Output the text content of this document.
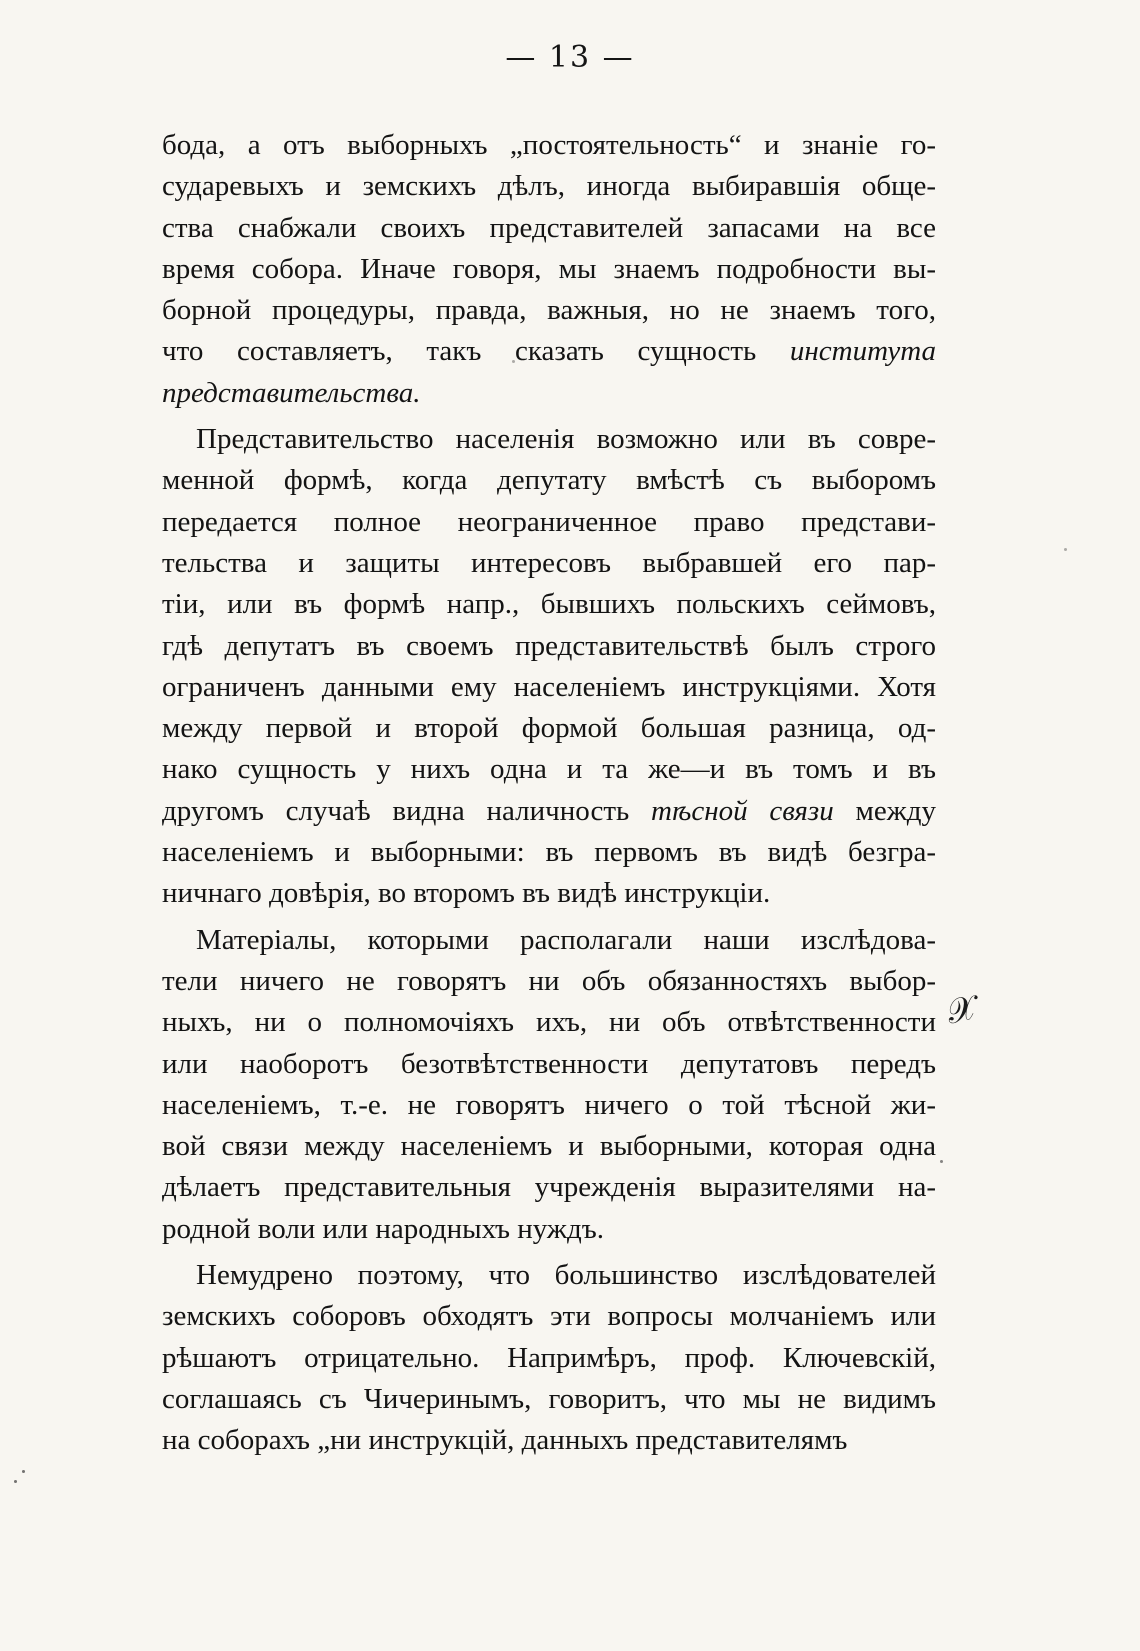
— 13 —
бода, а отъ выборныхъ „постоятельность“ и знаніе го-
сударевыхъ и земскихъ дѣлъ, иногда выбиравшія обще-
ства снабжали своихъ представителей запасами на все
время собора. Иначе говоря, мы знаемъ подробности вы-
борной процедуры, правда, важныя, но не знаемъ того,
что составляетъ, такъ сказать сущность института
представительства.
Представительство населенія возможно или въ совре-
менной формѣ, когда депутату вмѣстѣ съ выборомъ
передается полное неограниченное право представи-
тельства и защиты интересовъ выбравшей его пар-
тіи, или въ формѣ напр., бывшихъ польскихъ сеймовъ,
гдѣ депутатъ въ своемъ представительствѣ былъ строго
ограниченъ данными ему населеніемъ инструкціями. Хотя
между первой и второй формой большая разница, од-
нако сущность у нихъ одна и та же—и въ томъ и въ
другомъ случаѣ видна наличность тѣсной связи между
населеніемъ и выборными: въ первомъ въ видѣ безгра-
ничнаго довѣрія, во второмъ въ видѣ инструкціи.
Матеріалы, которыми располагали наши изслѣдова-
тели ничего не говорятъ ни объ обязанностяхъ выбор-
ныхъ, ни о полномочіяхъ ихъ, ни объ отвѣтственности
или наоборотъ безотвѣтственности депутатовъ передъ
населеніемъ, т.-е. не говорятъ ничего о той тѣсной жи-
вой связи между населеніемъ и выборными, которая одна
дѣлаетъ представительныя учрежденія выразителями на-
родной воли или народныхъ нуждъ.
Немудрено поэтому, что большинство изслѣдователей
земскихъ соборовъ обходятъ эти вопросы молчаніемъ или
рѣшаютъ отрицательно. Напримѣръ, проф. Ключевскій,
соглашаясь съ Чичеринымъ, говоритъ, что мы не видимъ
на соборахъ „ни инструкцій, данныхъ представителямъ
𝒳
